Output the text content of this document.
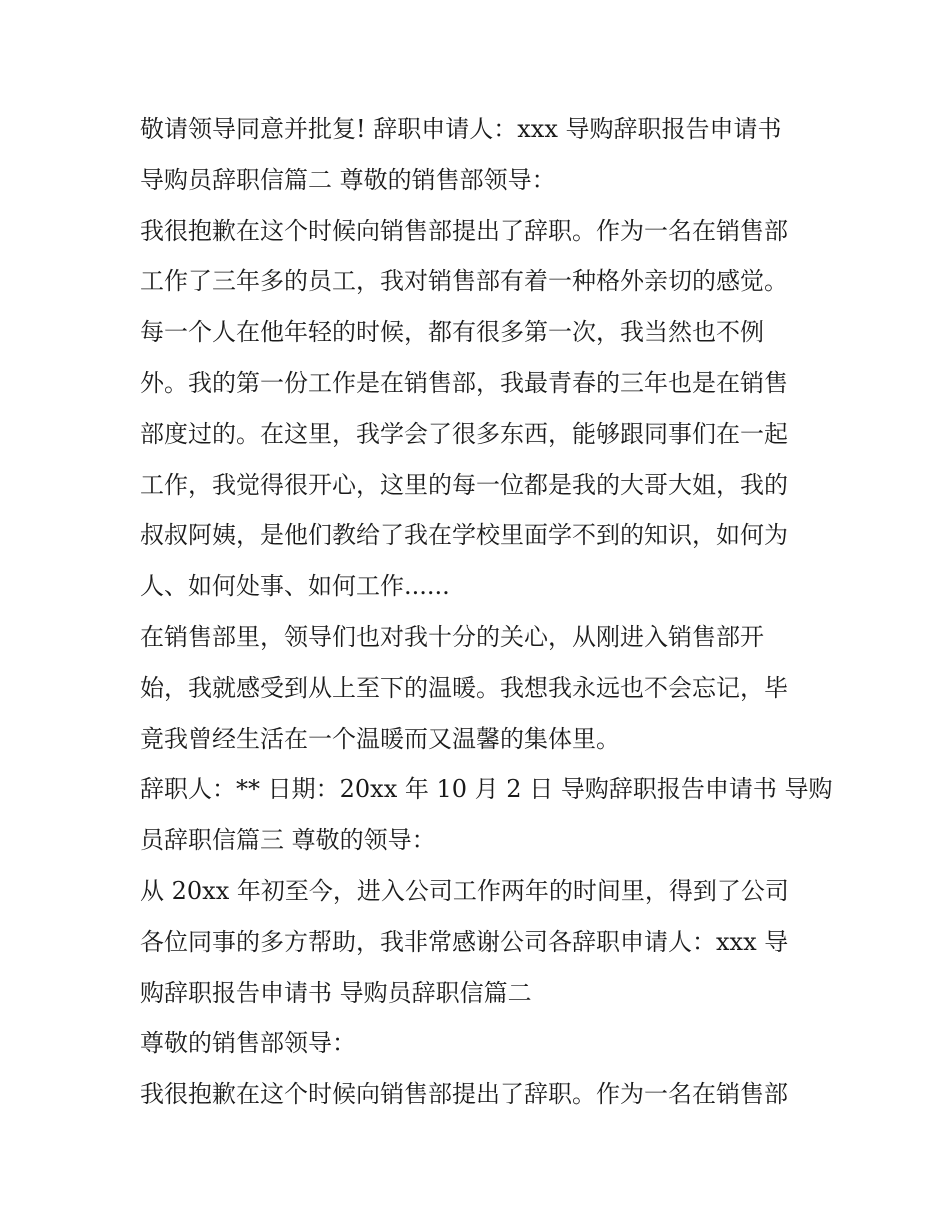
敬请领导同意并批复! 辞职申请人：xxx 导购辞职报告申请书
导购员辞职信篇二 尊敬的销售部领导：
我很抱歉在这个时候向销售部提出了辞职。作为一名在销售部
工作了三年多的员工，我对销售部有着一种格外亲切的感觉。
每一个人在他年轻的时候，都有很多第一次，我当然也不例
外。我的第一份工作是在销售部，我最青春的三年也是在销售
部度过的。在这里，我学会了很多东西，能够跟同事们在一起
工作，我觉得很开心，这里的每一位都是我的大哥大姐，我的
叔叔阿姨，是他们教给了我在学校里面学不到的知识，如何为
人、如何处事、如何工作......
在销售部里，领导们也对我十分的关心，从刚进入销售部开
始，我就感受到从上至下的温暖。我想我永远也不会忘记，毕
竟我曾经生活在一个温暖而又温馨的集体里。
辞职人：** 日期：20xx 年 10 月 2 日 导购辞职报告申请书 导购
员辞职信篇三 尊敬的领导：
从 20xx 年初至今，进入公司工作两年的时间里，得到了公司
各位同事的多方帮助，我非常感谢公司各辞职申请人：xxx 导
购辞职报告申请书 导购员辞职信篇二
尊敬的销售部领导：
我很抱歉在这个时候向销售部提出了辞职。作为一名在销售部
